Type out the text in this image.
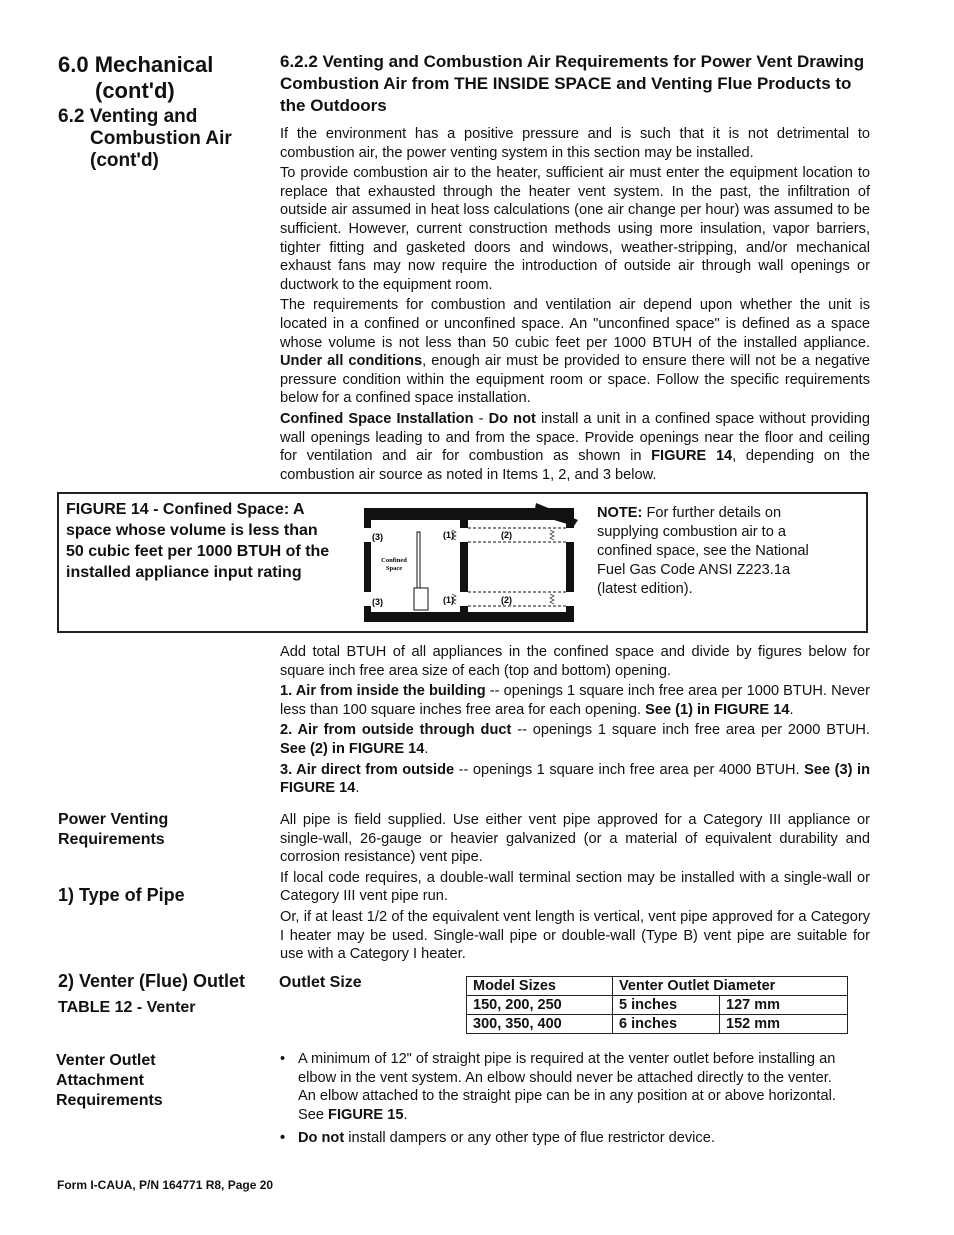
6.0 Mechanical
(cont'd)
6.2 Venting and
Combustion Air
(cont'd)
6.2.2 Venting and Combustion Air Requirements for Power Vent Drawing Combustion Air from THE INSIDE SPACE and Venting Flue Products to the Outdoors

If the environment has a positive pressure and is such that it is not detrimental to combustion air, the power venting system in this section may be installed.

To provide combustion air to the heater, sufficient air must enter the equipment location to replace that exhausted through the heater vent system. In the past, the infiltration of outside air assumed in heat loss calculations (one air change per hour) was assumed to be sufficient. However, current construction methods using more insulation, vapor barriers, tighter fitting and gasketed doors and windows, weather-stripping, and/or mechanical exhaust fans may now require the introduction of outside air through wall openings or ductwork to the equipment room.

The requirements for combustion and ventilation air depend upon whether the unit is located in a confined or unconfined space. An "unconfined space" is defined as a space whose volume is not less than 50 cubic feet per 1000 BTUH of the installed appliance. Under all conditions, enough air must be provided to ensure there will not be a negative pressure condition within the equipment room or space. Follow the specific requirements below for a confined space installation.

Confined Space Installation - Do not install a unit in a confined space without providing wall openings leading to and from the space. Provide openings near the floor and ceiling for ventilation and air for combustion as shown in FIGURE 14, depending on the combustion air source as noted in Items 1, 2, and 3 below.

FIGURE 14 - Confined Space: A space whose volume is less than 50 cubic feet per 1000 BTUH of the installed appliance input rating
(3)	(1)	(2)
Confined
Space
(3)	(1)	(2)
NOTE: For further details on supplying combustion air to a confined space, see the National Fuel Gas Code ANSI Z223.1a (latest edition).

Add total BTUH of all appliances in the confined space and divide by figures below for square inch free area size of each (top and bottom) opening.

1. Air from inside the building -- openings 1 square inch free area per 1000 BTUH. Never less than 100 square inches free area for each opening. See (1) in FIGURE 14.

2. Air from outside through duct -- openings 1 square inch free area per 2000 BTUH. See (2) in FIGURE 14.

3. Air direct from outside -- openings 1 square inch free area per 4000 BTUH. See (3) in FIGURE 14.

Power Venting
Requirements
1) Type of Pipe

All pipe is field supplied. Use either vent pipe approved for a Category III appliance or single-wall, 26-gauge or heavier galvanized (or a material of equivalent durability and corrosion resistance) vent pipe.

If local code requires, a double-wall terminal section may be installed with a single-wall or Category III vent pipe run.

Or, if at least 1/2 of the equivalent vent length is vertical, vent pipe approved for a Category I heater may be used. Single-wall pipe or double-wall (Type B) vent pipe are suitable for use with a Category I heater.

2) Venter (Flue) Outlet
TABLE 12 - Venter
Outlet Size	Model Sizes	Venter Outlet Diameter	
150, 200, 250	5 inches	127 mm
300, 350, 400	6 inches	152 mm
Venter Outlet
Attachment
Requirements
• A minimum of 12" of straight pipe is required at the venter outlet before installing an elbow in the vent system. An elbow should never be attached directly to the venter. An elbow attached to the straight pipe can be in any position at or above horizontal. See FIGURE 15.
• Do not install dampers or any other type of flue restrictor device.
Form I-CAUA, P/N 164771 R8, Page 20
